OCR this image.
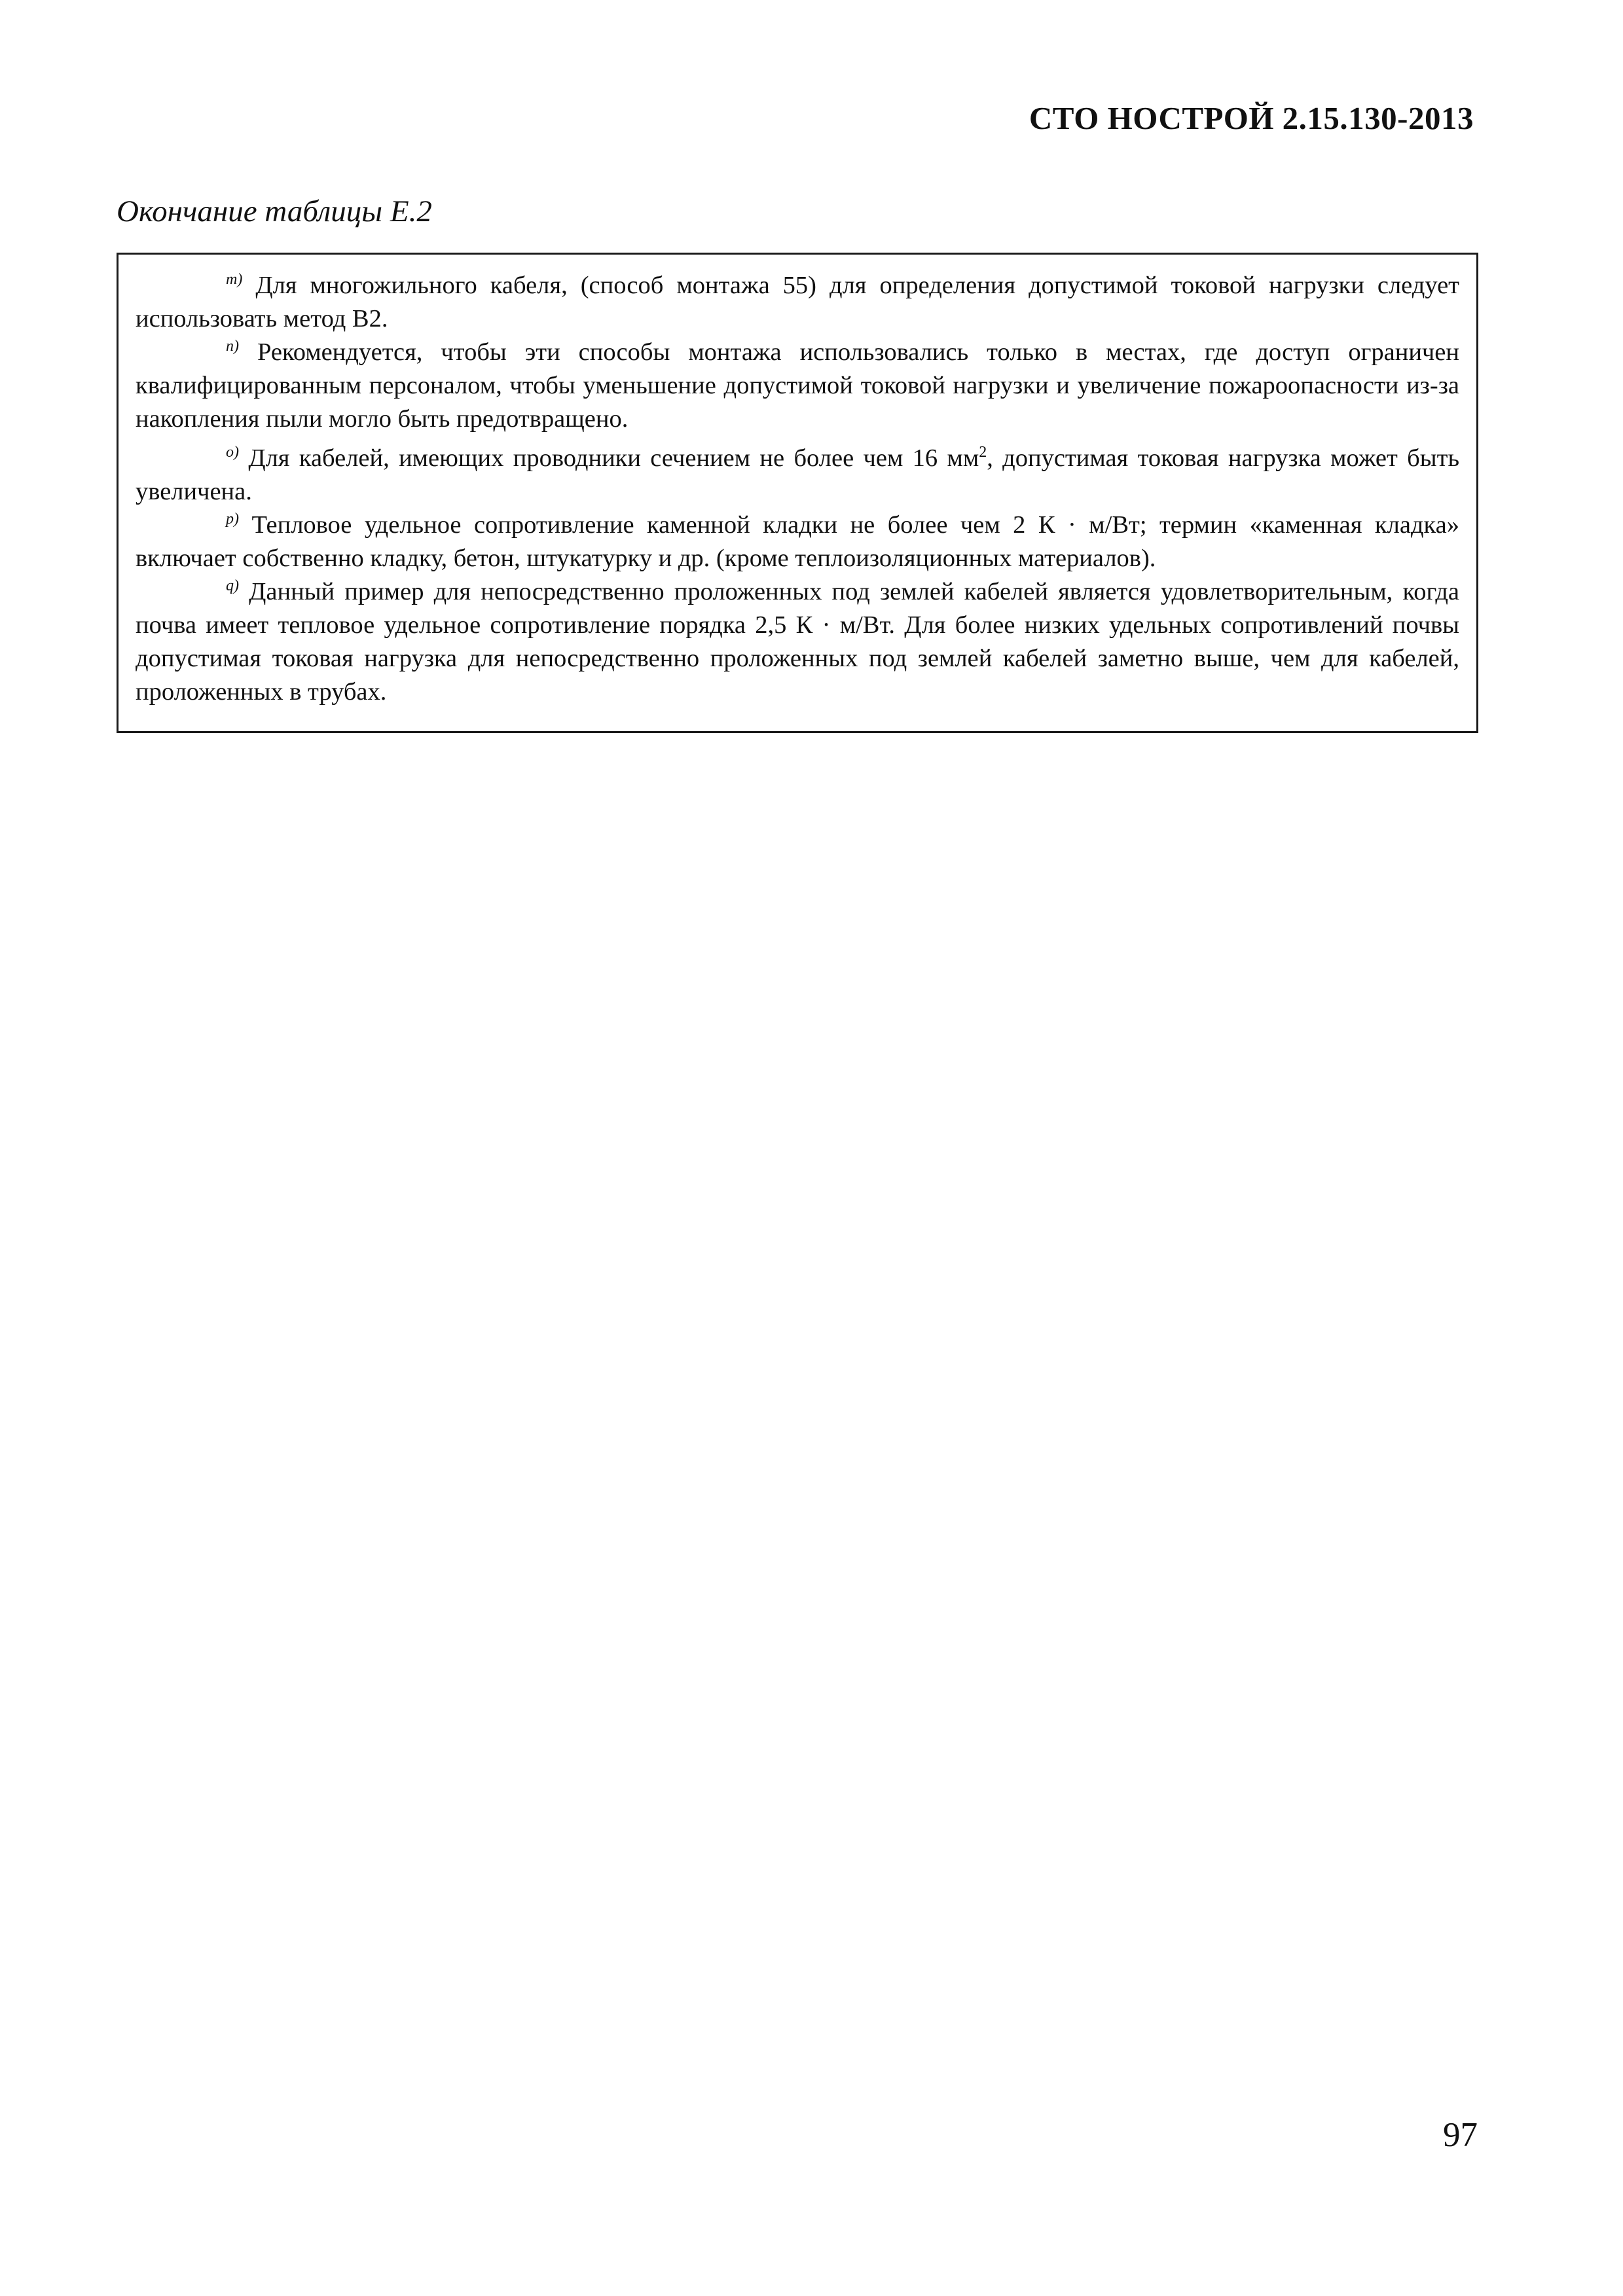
СТО НОСТРОЙ 2.15.130-2013
Окончание таблицы Е.2

$^{m)}$ Для многожильного кабеля, (способ монтажа 55) для определения допустимой токовой нагрузки следует использовать метод В2.

$^{n)}$ Рекомендуется, чтобы эти способы монтажа использовались только в местах, где доступ ограничен квалифицированным персоналом, чтобы уменьшение допустимой токовой нагрузки и увеличение пожароопасности из-за накопления пыли могло быть предотвращено.

$^{o)}$ Для кабелей, имеющих проводники сечением не более чем 16 $мм^2$, допустимая токовая нагрузка может быть увеличена.

$^{p)}$ Тепловое удельное сопротивление каменной кладки не более чем 2 К · м/Вт; термин «каменная кладка» включает собственно кладку, бетон, штукатурку и др. (кроме теплоизоляционных материалов).

$^{q)}$ Данный пример для непосредственно проложенных под землей кабелей является удовлетворительным, когда почва имеет тепловое удельное сопротивление порядка 2,5 К · м/Вт. Для более низких удельных сопротивлений почвы допустимая токовая нагрузка для непосредственно проложенных под землей кабелей заметно выше, чем для кабелей, проложенных в трубах.

97
